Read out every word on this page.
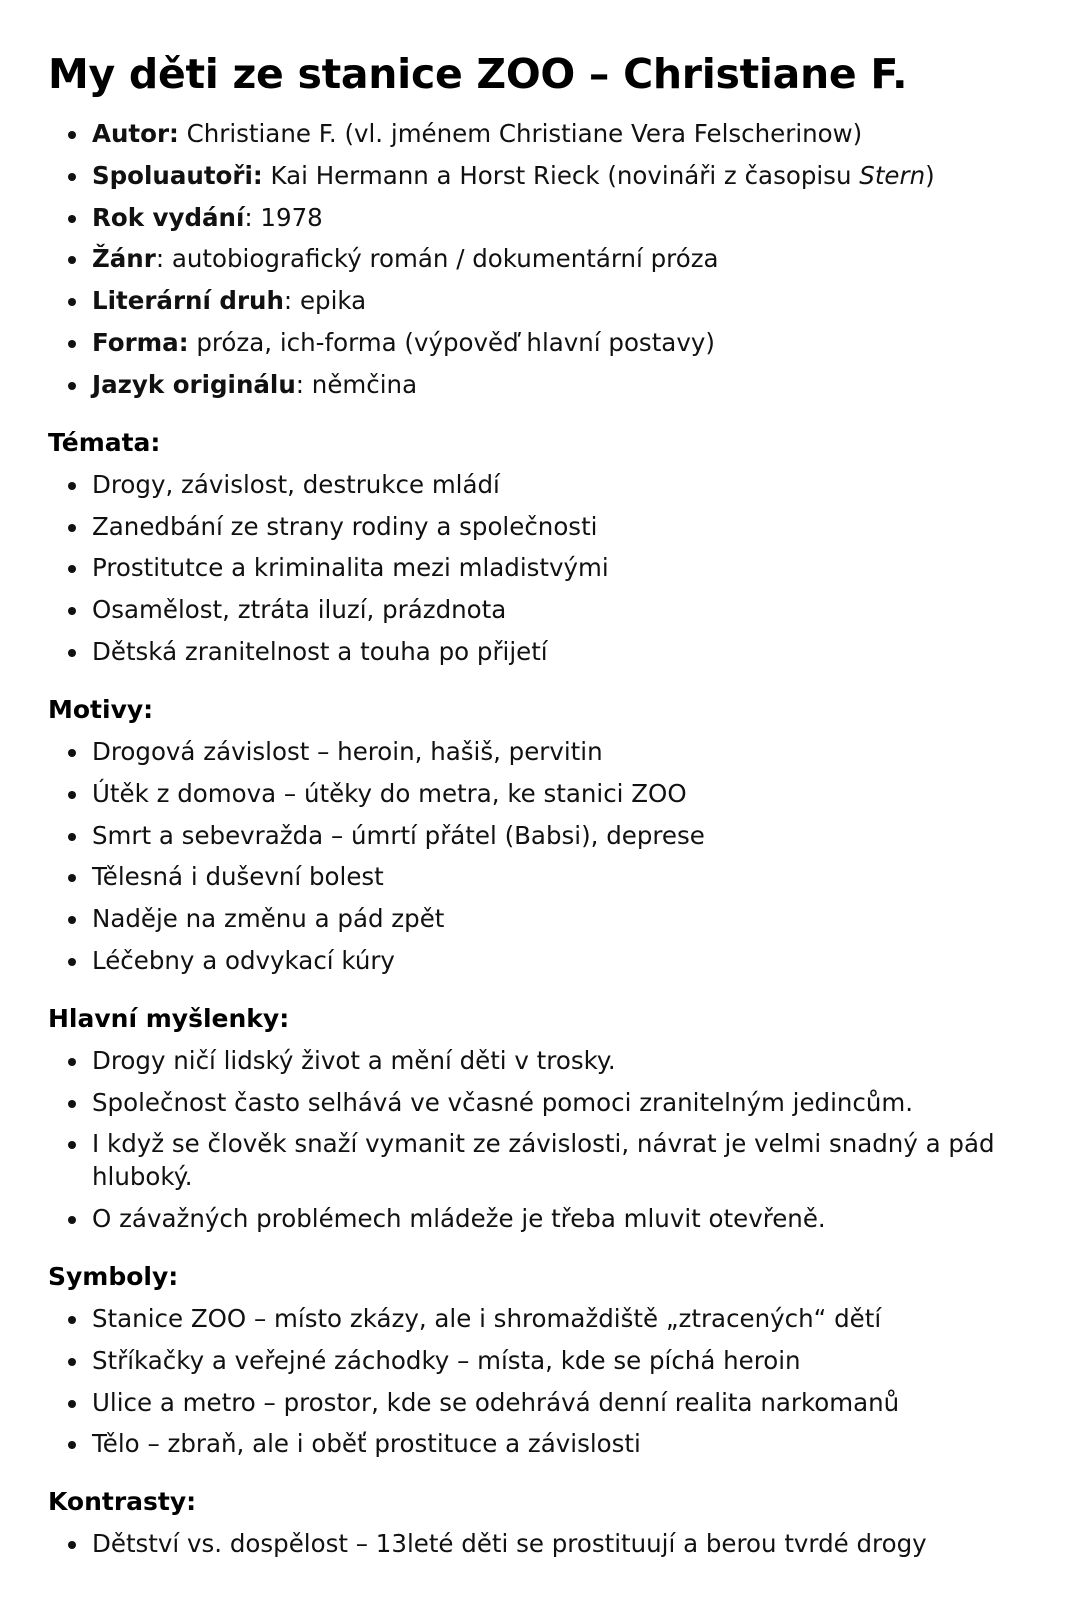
My děti ze stanice ZOO – Christiane F.
Autor: Christiane F. (vl. jménem Christiane Vera Felscherinow)
Spoluautoři: Kai Hermann a Horst Rieck (novináři z časopisu Stern)
Rok vydání: 1978
Žánr: autobiografický román / dokumentární próza
Literární druh: epika
Forma: próza, ich-forma (výpověď hlavní postavy)
Jazyk originálu: němčina
Témata:
Drogy, závislost, destrukce mládí
Zanedbání ze strany rodiny a společnosti
Prostitutce a kriminalita mezi mladistvými
Osamělost, ztráta iluzí, prázdnota
Dětská zranitelnost a touha po přijetí
Motivy:
Drogová závislost – heroin, hašiš, pervitin
Útěk z domova – útěky do metra, ke stanici ZOO
Smrt a sebevražda – úmrtí přátel (Babsi), deprese
Tělesná i duševní bolest
Naděje na změnu a pád zpět
Léčebny a odvykací kúry
Hlavní myšlenky:
Drogy ničí lidský život a mění děti v trosky.
Společnost často selhává ve včasné pomoci zranitelným jedincům.
I když se člověk snaží vymanit ze závislosti, návrat je velmi snadný a pád hluboký.
O závažných problémech mládeže je třeba mluvit otevřeně.
Symboly:
Stanice ZOO – místo zkázy, ale i shromaždiště „ztracených“ dětí
Stříkačky a veřejné záchodky – místa, kde se píchá heroin
Ulice a metro – prostor, kde se odehrává denní realita narkomanů
Tělo – zbraň, ale i oběť prostituce a závislosti
Kontrasty:
Dětství vs. dospělost – 13leté děti se prostituují a berou tvrdé drogy
